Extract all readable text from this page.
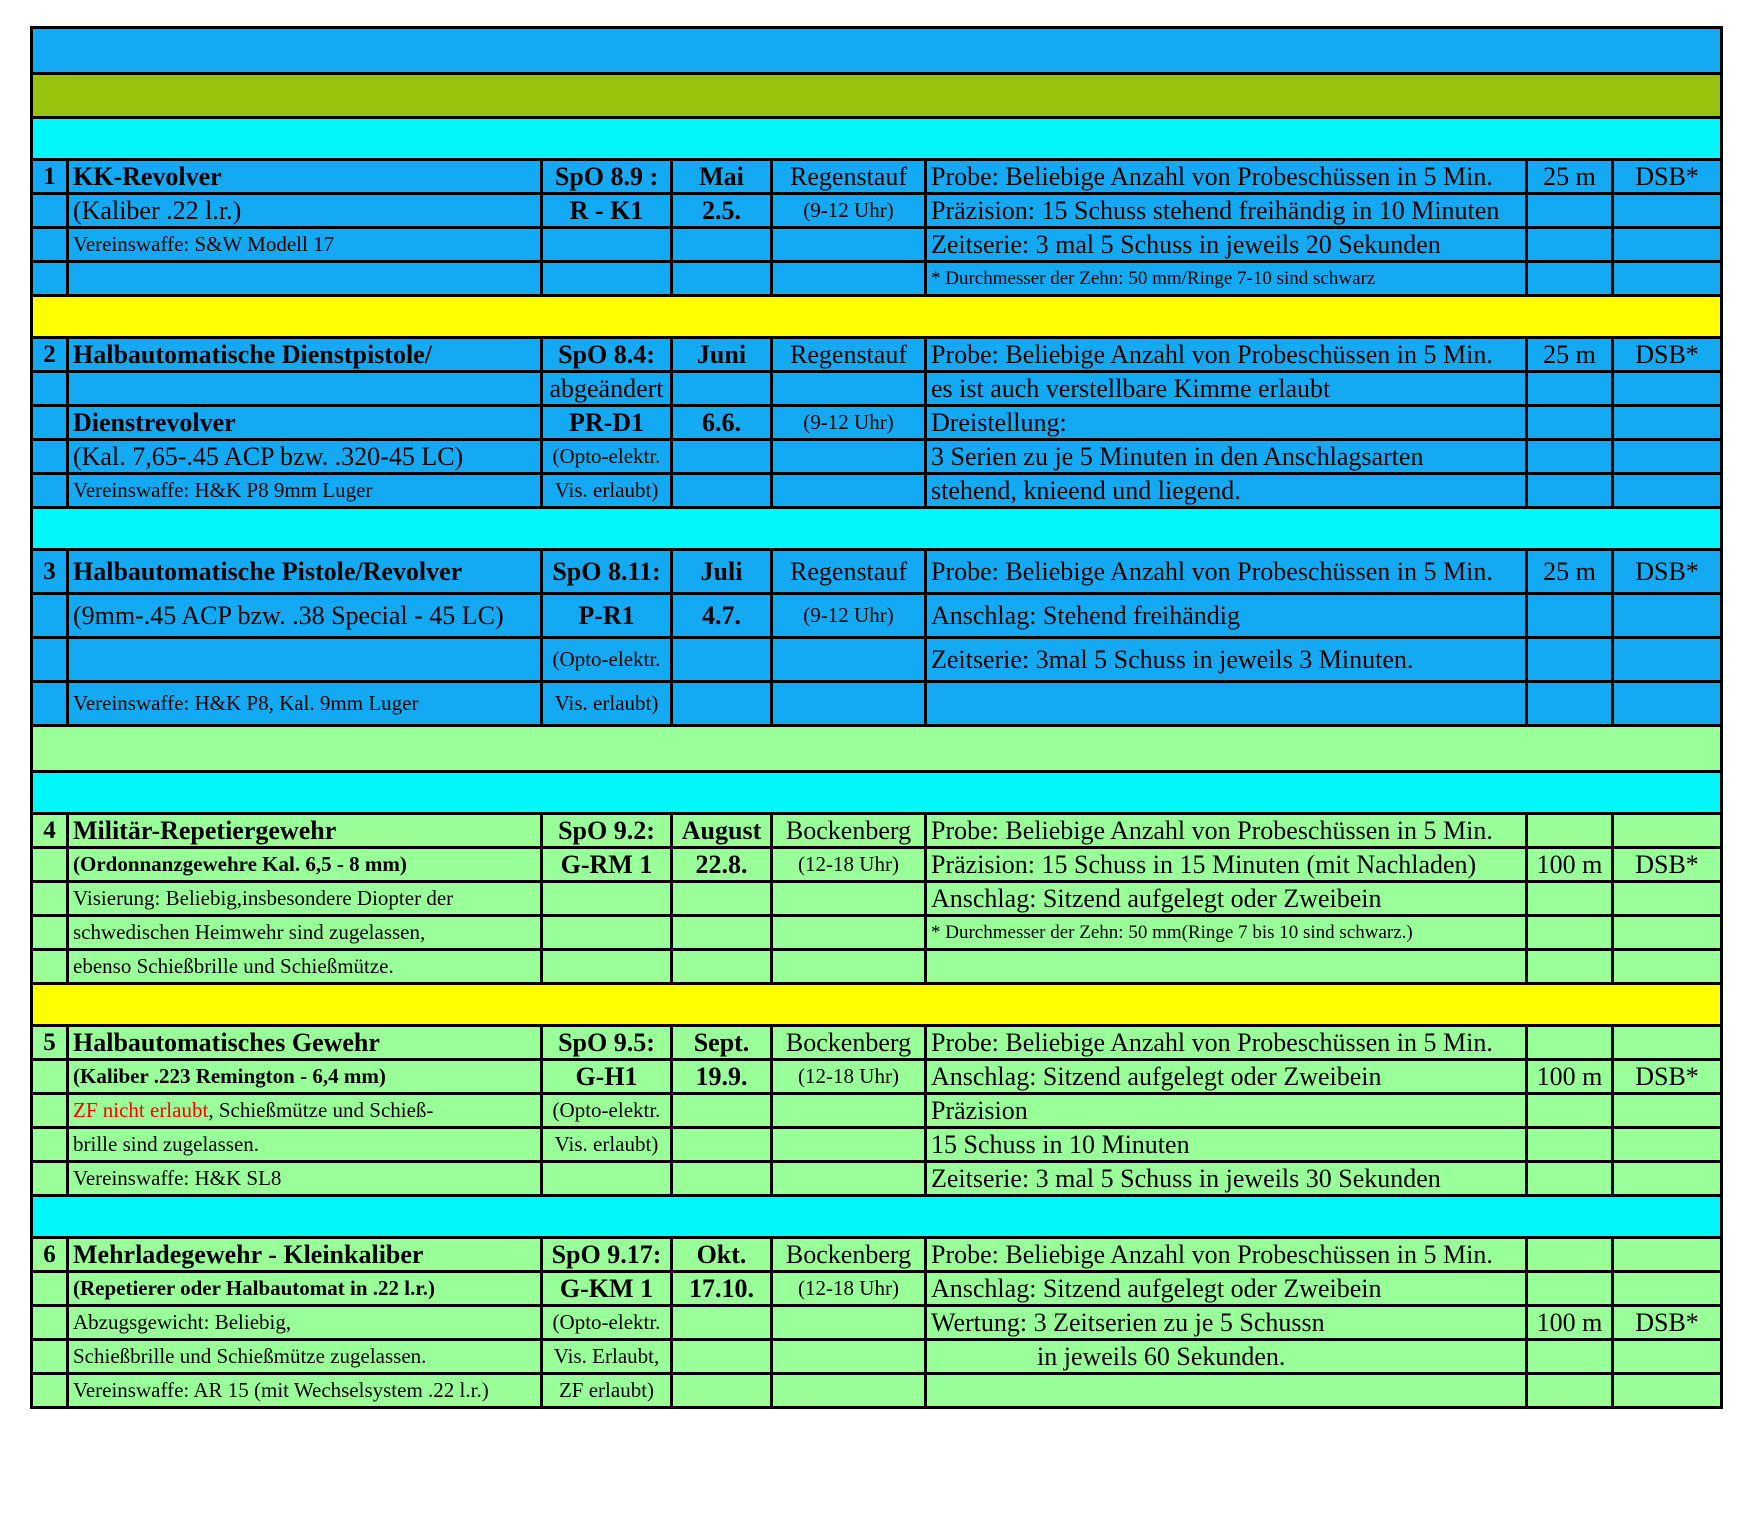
1	KK-Revolver	SpO 8.9 :	Mai	Regenstauf	Probe: Beliebige Anzahl von Probeschüssen in 5 Min.	25 m	DSB*
	(Kaliber .22 l.r.)	R - K1	2.5.	(9-12 Uhr)	Präzision: 15 Schuss stehend freihändig in 10 Minuten		
	Vereinswaffe: S&W Modell 17				Zeitserie: 3 mal 5 Schuss in jeweils 20 Sekunden		
					* Durchmesser der Zehn: 50 mm/Ringe 7-10 sind schwarz		

2	Halbautomatische Dienstpistole/	SpO 8.4:	Juni	Regenstauf	Probe: Beliebige Anzahl von Probeschüssen in 5 Min.	25 m	DSB*
		abgeändert			es ist auch verstellbare Kimme erlaubt		
	Dienstrevolver	PR-D1	6.6.	(9-12 Uhr)	Dreistellung:		
	(Kal. 7,65-.45 ACP bzw. .320-45 LC)	(Opto-elektr.			3 Serien zu je 5 Minuten in den Anschlagsarten		
	Vereinswaffe: H&K P8 9mm Luger	Vis. erlaubt)			stehend, knieend und liegend.		

3	Halbautomatische Pistole/Revolver	SpO 8.11:	Juli	Regenstauf	Probe: Beliebige Anzahl von Probeschüssen in 5 Min.	25 m	DSB*
	(9mm-.45 ACP bzw. .38 Special - 45 LC)	P-R1	4.7.	(9-12 Uhr)	Anschlag: Stehend freihändig		
		(Opto-elektr.			Zeitserie: 3mal 5 Schuss in jeweils 3 Minuten.		
	Vereinswaffe: H&K P8, Kal. 9mm Luger	Vis. erlaubt)					

4	Militär-Repetiergewehr	SpO 9.2:	August	Bockenberg	Probe: Beliebige Anzahl von Probeschüssen in 5 Min.		
	(Ordonnanzgewehre Kal. 6,5 - 8 mm)	G-RM 1	22.8.	(12-18 Uhr)	Präzision: 15 Schuss in 15 Minuten (mit Nachladen)	100 m	DSB*
	Visierung: Beliebig,insbesondere Diopter der				Anschlag: Sitzend aufgelegt oder Zweibein		
	schwedischen Heimwehr sind zugelassen,				* Durchmesser der Zehn: 50 mm(Ringe 7 bis 10 sind schwarz.)		
	ebenso Schießbrille und Schießmütze.						

5	Halbautomatisches Gewehr	SpO 9.5:	Sept.	Bockenberg	Probe: Beliebige Anzahl von Probeschüssen in 5 Min.		
	(Kaliber .223 Remington - 6,4 mm)	G-H1	19.9.	(12-18 Uhr)	Anschlag: Sitzend aufgelegt oder Zweibein	100 m	DSB*
	ZF nicht erlaubt, Schießmütze und Schieß-	(Opto-elektr.			Präzision		
	brille sind zugelassen.	Vis. erlaubt)			15 Schuss in 10 Minuten		
	Vereinswaffe: H&K SL8				Zeitserie: 3 mal 5 Schuss in jeweils 30 Sekunden		

6	Mehrladegewehr - Kleinkaliber	SpO 9.17:	Okt.	Bockenberg	Probe: Beliebige Anzahl von Probeschüssen in 5 Min.		
	(Repetierer oder Halbautomat in .22 l.r.)	G-KM 1	17.10.	(12-18 Uhr)	Anschlag: Sitzend aufgelegt oder Zweibein		
	Abzugsgewicht: Beliebig,	(Opto-elektr.			Wertung: 3 Zeitserien zu je 5 Schussn	100 m	DSB*
	Schießbrille und Schießmütze zugelassen.	Vis. Erlaubt,			in jeweils 60 Sekunden.		
	Vereinswaffe: AR 15 (mit Wechselsystem .22 l.r.)	ZF erlaubt)					
